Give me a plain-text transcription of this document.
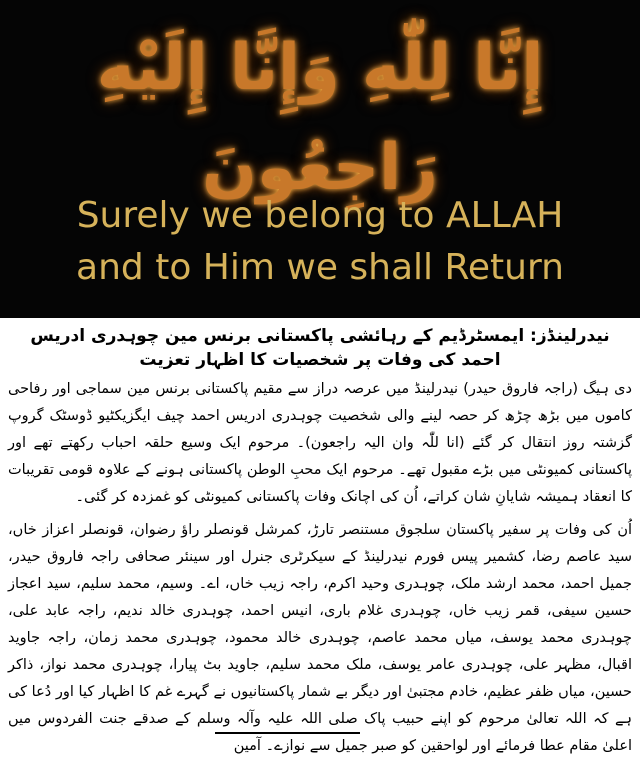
إِنَّا لِلّٰهِ وَإِنَّا إِلَيْهِ رَاجِعُونَ
Surely we belong to ALLAH
and to Him we shall Return
نیدرلینڈز: ایمسٹرڈیم کے رہائشی پاکستانی برنس مین چوہدری ادریس احمد کی وفات پر شخصیات کا اظہار تعزیت

دی ہیگ (راجہ فاروق حیدر) نیدرلینڈ میں عرصہ دراز سے مقیم پاکستانی برنس مین سماجی اور رفاحی کاموں میں بڑھ چڑھ کر حصہ لینے والی شخصیت چوہدری ادریس احمد چیف ایگزیکٹیو ڈوسٹک گروپ گزشتہ روز انتقال کر گئے (انا للّٰہ وان الیہ راجعون)۔ مرحوم ایک وسیع حلقہ احباب رکھتے تھے اور پاکستانی کمیونٹی میں بڑے مقبول تھے۔ مرحوم ایک محبِ الوطن پاکستانی ہونے کے علاوہ قومی تقریبات کا انعقاد ہمیشہ شایانِ شان کراتے، اُن کی اچانک وفات پاکستانی کمیونٹی کو غمزدہ کر گئی۔

اُن کی وفات پر سفیر پاکستان سلجوق مستنصر تارڑ، کمرشل قونصلر راؤ رضوان، قونصلر اعزاز خاں، سید عاصم رضا، کشمیر پیس فورم نیدرلینڈ کے سیکرٹری جنرل اور سینئر صحافی راجہ فاروق حیدر، جمیل احمد، محمد ارشد ملک، چوہدری وحید اکرم، راجہ زیب خاں، اے۔ وسیم، محمد سلیم، سید اعجاز حسین سیفی، قمر زیب خاں، چوہدری غلام باری، انیس احمد، چوہدری خالد ندیم، راجہ عابد علی، چوہدری محمد یوسف، میاں محمد عاصم، چوہدری خالد محمود، چوہدری محمد زمان، راجہ جاوید اقبال، مظہر علی، چوہدری عامر یوسف، ملک محمد سلیم، جاوید بٹ پیارا، چوہدری محمد نواز، ذاکر حسین، میاں ظفر عظیم، خادم مجتبیٰ اور دیگر بے شمار پاکستانیوں نے گہرے غم کا اظہار کیا اور دُعا کی ہے کہ اللہ تعالیٰ مرحوم کو اپنے حبیب پاک صلی اللہ علیہ وآلہ وسلم کے صدقے جنت الفردوس میں اعلیٰ مقام عطا فرمائے اور لواحقین کو صبر جمیل سے نوازے۔ آمین
